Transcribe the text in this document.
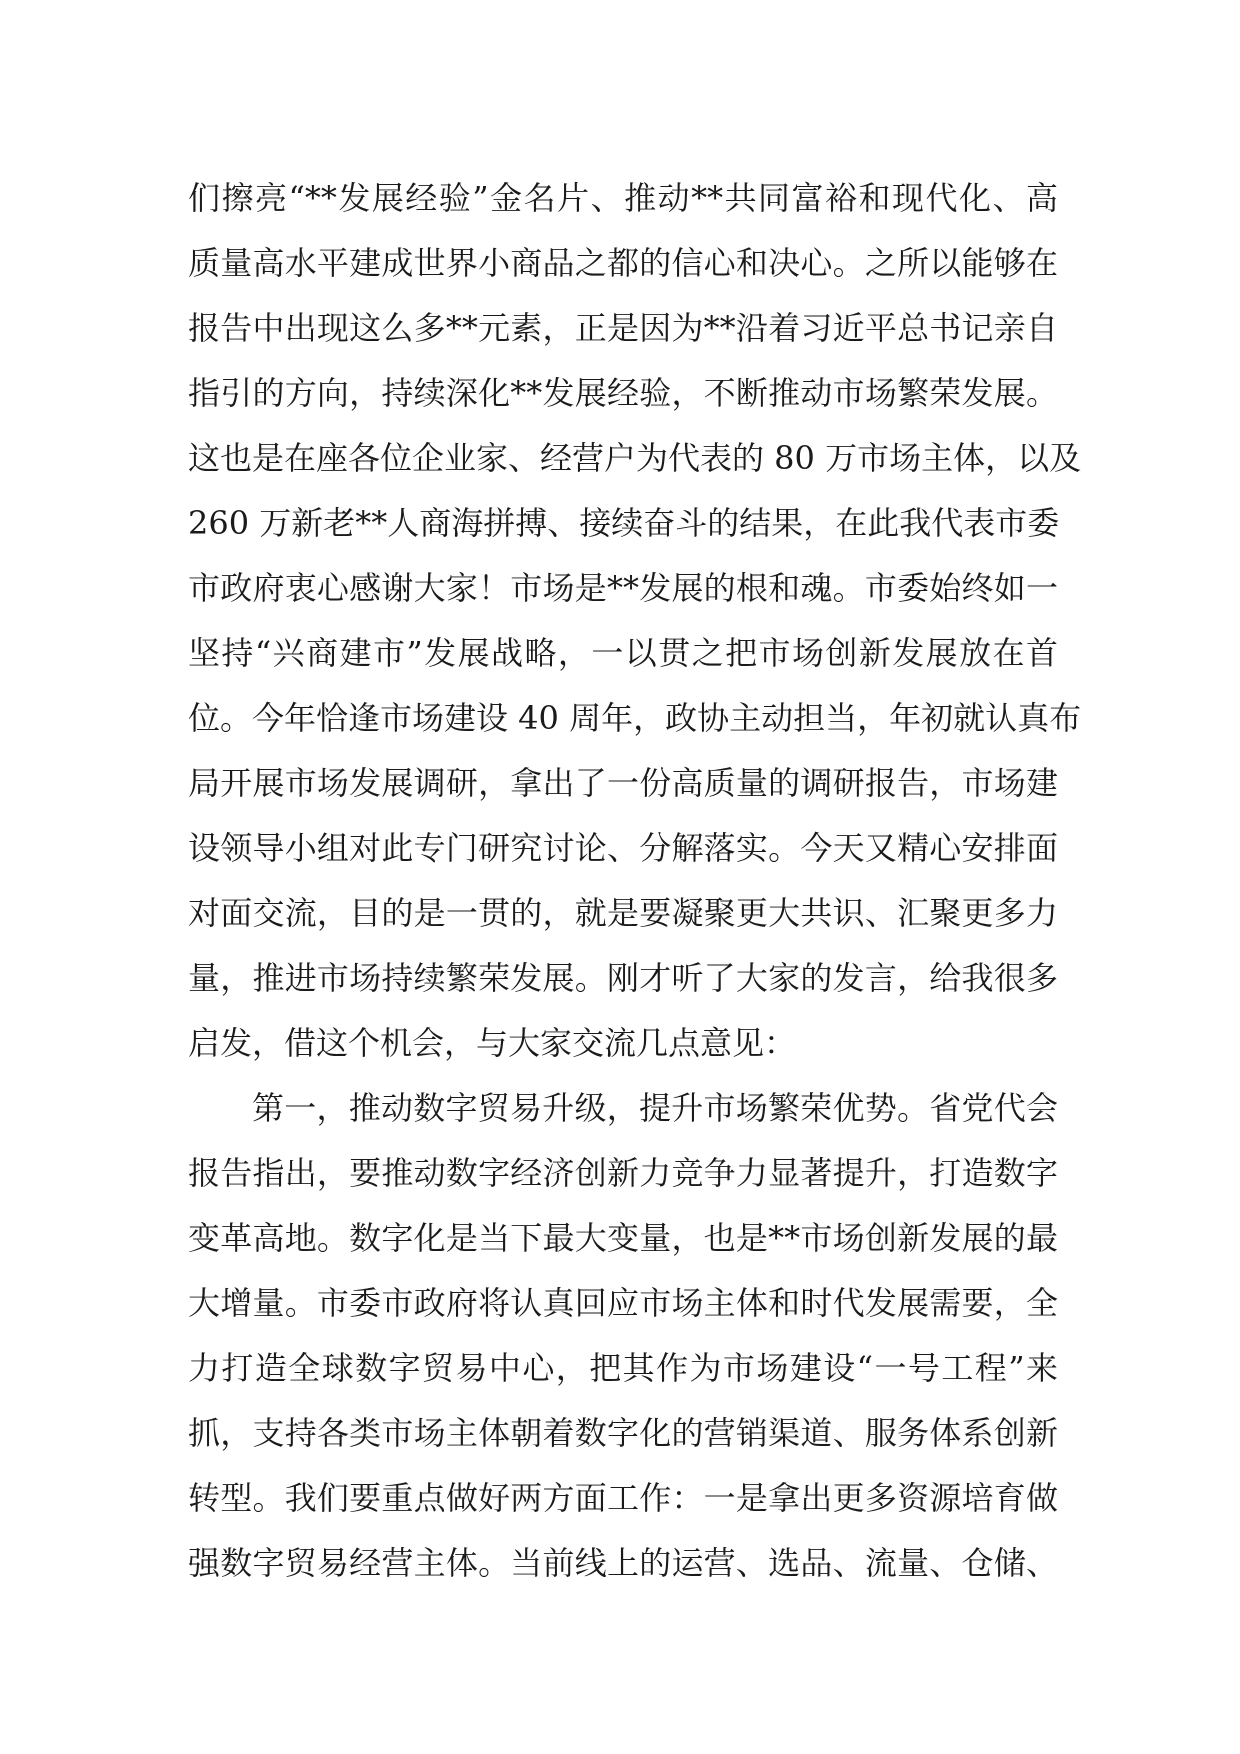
们擦亮“**发展经验”金名片、推动**共同富裕和现代化、高
质量高水平建成世界小商品之都的信心和决心。之所以能够在
报告中出现这么多**元素，正是因为**沿着习近平总书记亲自
指引的方向，持续深化**发展经验，不断推动市场繁荣发展。
这也是在座各位企业家、经营户为代表的 80 万市场主体，以及
260 万新老**人商海拼搏、接续奋斗的结果，在此我代表市委
市政府衷心感谢大家！市场是**发展的根和魂。市委始终如一
坚持“兴商建市”发展战略，一以贯之把市场创新发展放在首
位。今年恰逢市场建设 40 周年，政协主动担当，年初就认真布
局开展市场发展调研，拿出了一份高质量的调研报告，市场建
设领导小组对此专门研究讨论、分解落实。今天又精心安排面
对面交流，目的是一贯的，就是要凝聚更大共识、汇聚更多力
量，推进市场持续繁荣发展。刚才听了大家的发言，给我很多
启发，借这个机会，与大家交流几点意见：
第一，推动数字贸易升级，提升市场繁荣优势。省党代会
报告指出，要推动数字经济创新力竞争力显著提升，打造数字
变革高地。数字化是当下最大变量，也是**市场创新发展的最
大增量。市委市政府将认真回应市场主体和时代发展需要，全
力打造全球数字贸易中心，把其作为市场建设“一号工程”来
抓，支持各类市场主体朝着数字化的营销渠道、服务体系创新
转型。我们要重点做好两方面工作：一是拿出更多资源培育做
强数字贸易经营主体。当前线上的运营、选品、流量、仓储、
